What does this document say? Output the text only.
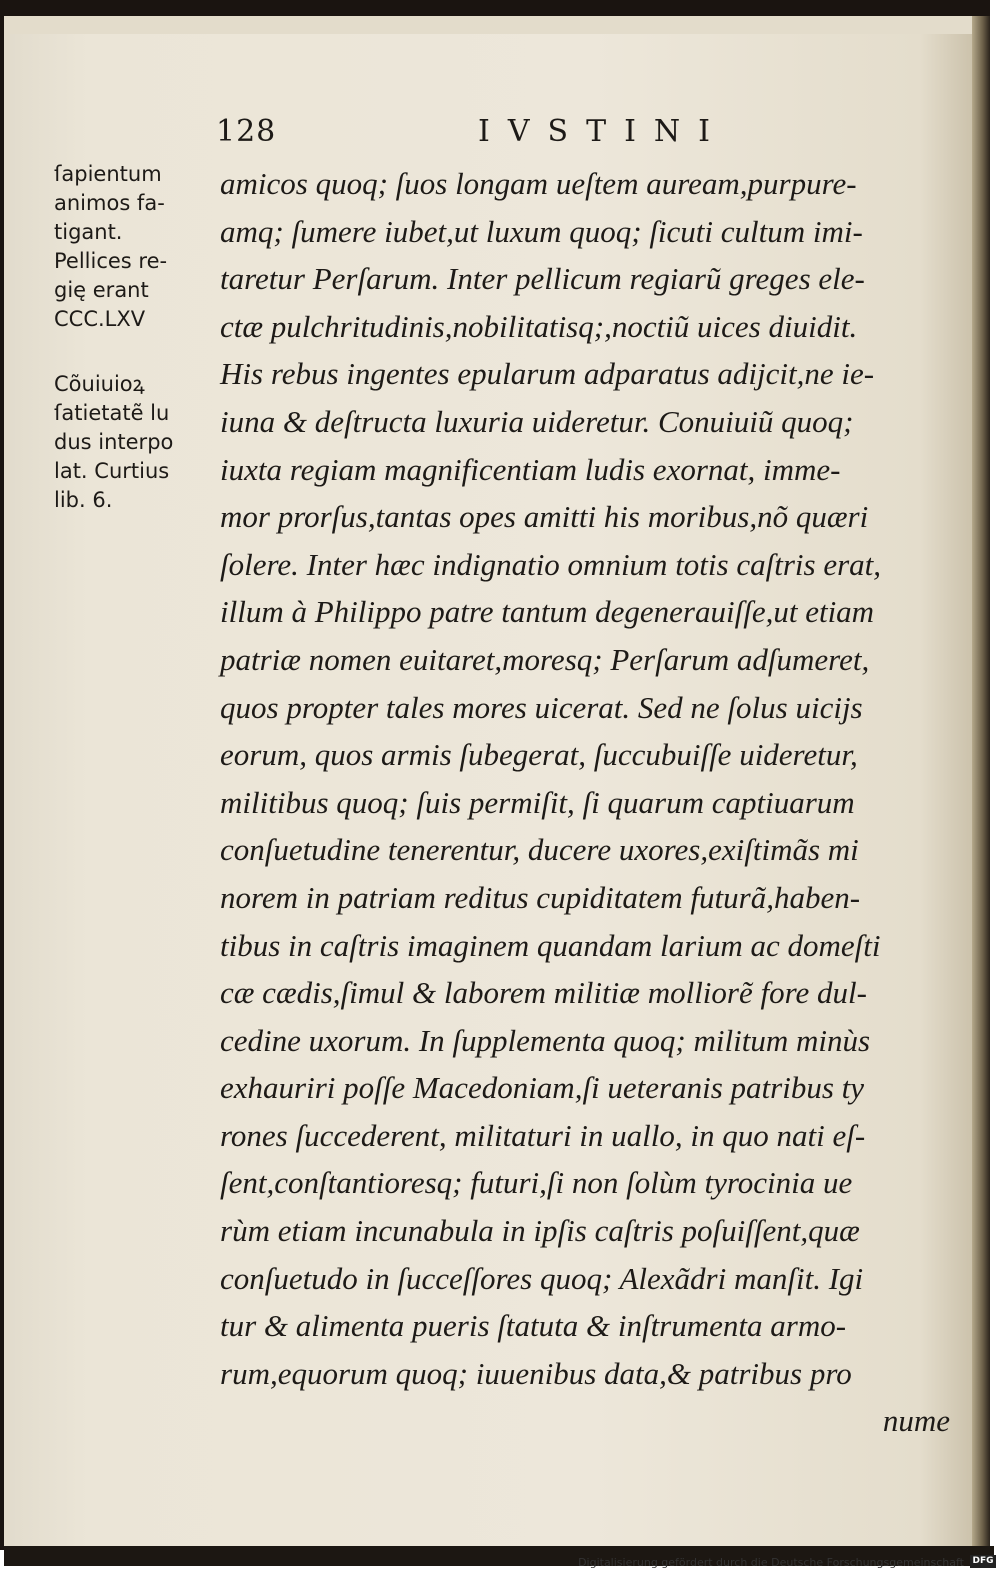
128	IVSTINI
ſapientum
animos fa-
tigant.
Pellices re-
gię erant
CCC.LXV
Cõuiuioꝝ
ſatietatẽ lu
dus interpo
lat. Curtius
lib. 6.
amicos quoq; ſuos longam ueſtem auream,purpure-
amq; ſumere iubet,ut luxum quoq; ſicuti cultum imi-
taretur Perſarum. Inter pellicum regiarũ greges ele-
ctæ pulchritudinis,nobilitatisq;,noctiũ uices diuidit.
His rebus ingentes epularum adparatus adijcit,ne ie-
iuna & deſtructa luxuria uideretur. Conuiuiũ quoq;
iuxta regiam magnificentiam ludis exornat, imme-
mor prorſus,tantas opes amitti his moribus,nõ quæri
ſolere. Inter hæc indignatio omnium totis caſtris erat,
illum à Philippo patre tantum degenerauiſſe,ut etiam
patriæ nomen euitaret,moresq; Perſarum adſumeret,
quos propter tales mores uicerat. Sed ne ſolus uicijs
eorum, quos armis ſubegerat, ſuccubuiſſe uideretur,
militibus quoq; ſuis permiſit, ſi quarum captiuarum
conſuetudine tenerentur, ducere uxores,exiſtimãs mi
norem in patriam reditus cupiditatem futurã,haben-
tibus in caſtris imaginem quandam larium ac domeſti
cæ cædis,ſimul & laborem militiæ molliorẽ fore dul-
cedine uxorum. In ſupplementa quoq; militum minùs
exhauriri poſſe Macedoniam,ſi ueteranis patribus ty
rones ſuccederent, militaturi in uallo, in quo nati eſ-
ſent,conſtantioresq; futuri,ſi non ſolùm tyrocinia ue
rùm etiam incunabula in ipſis caſtris poſuiſſent,quæ
conſuetudo in ſucceſſores quoq; Alexãdri manſit. Igi
tur & alimenta pueris ſtatuta & inſtrumenta armo-
rum,equorum quoq; iuuenibus data,& patribus pro
nume
Digitalisierung gefördert durch die Deutsche Forschungsgemeinschaft DFG
